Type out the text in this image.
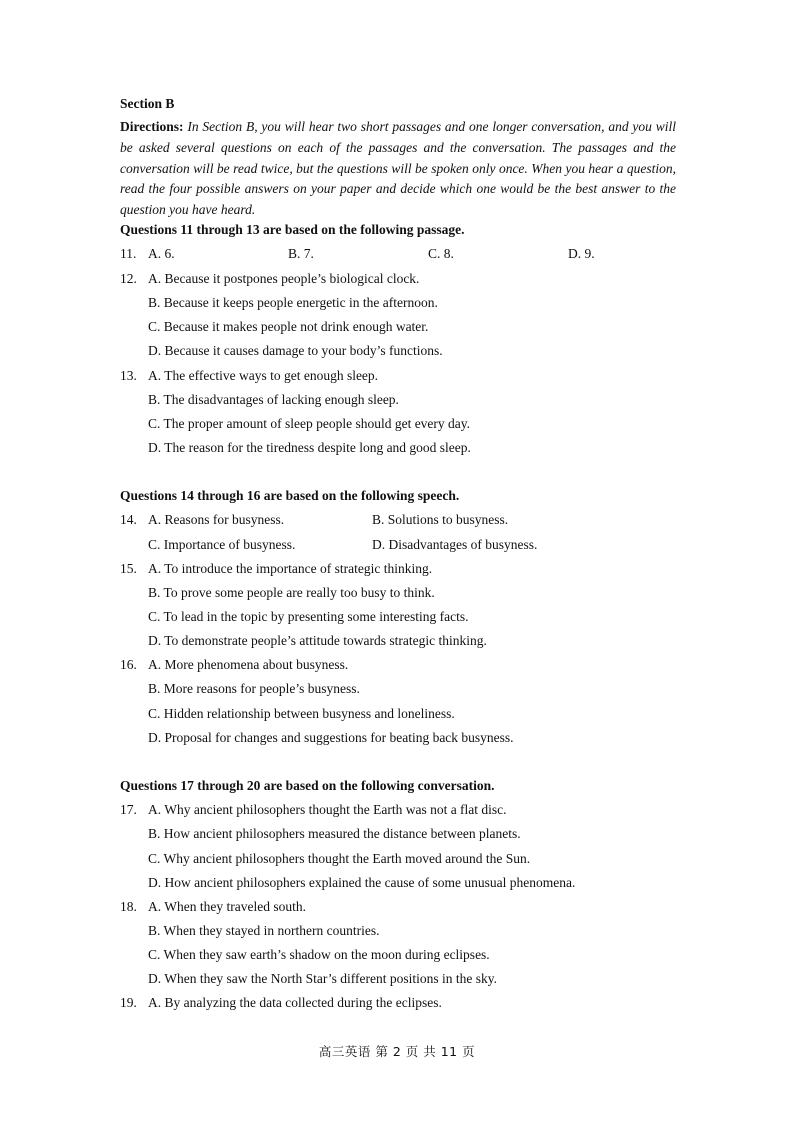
Section B
Directions: In Section B, you will hear two short passages and one longer conversation, and you will be asked several questions on each of the passages and the conversation. The passages and the conversation will be read twice, but the questions will be spoken only once. When you hear a question, read the four possible answers on your paper and decide which one would be the best answer to the question you have heard.
Questions 11 through 13 are based on the following passage.
11. A. 6.	B. 7.	C. 8.	D. 9.
12. A. Because it postpones people’s biological clock.
B. Because it keeps people energetic in the afternoon.
C. Because it makes people not drink enough water.
D. Because it causes damage to your body’s functions.
13. A. The effective ways to get enough sleep.
B. The disadvantages of lacking enough sleep.
C. The proper amount of sleep people should get every day.
D. The reason for the tiredness despite long and good sleep.
Questions 14 through 16 are based on the following speech.
14. A. Reasons for busyness.	B. Solutions to busyness.
C. Importance of busyness.	D. Disadvantages of busyness.
15. A. To introduce the importance of strategic thinking.
B. To prove some people are really too busy to think.
C. To lead in the topic by presenting some interesting facts.
D. To demonstrate people’s attitude towards strategic thinking.
16. A. More phenomena about busyness.
B. More reasons for people’s busyness.
C. Hidden relationship between busyness and loneliness.
D. Proposal for changes and suggestions for beating back busyness.
Questions 17 through 20 are based on the following conversation.
17. A. Why ancient philosophers thought the Earth was not a flat disc.
B. How ancient philosophers measured the distance between planets.
C. Why ancient philosophers thought the Earth moved around the Sun.
D. How ancient philosophers explained the cause of some unusual phenomena.
18. A. When they traveled south.
B. When they stayed in northern countries.
C. When they saw earth’s shadow on the moon during eclipses.
D. When they saw the North Star’s different positions in the sky.
19. A. By analyzing the data collected during the eclipses.
高三英语 第 2 页 共 11 页
